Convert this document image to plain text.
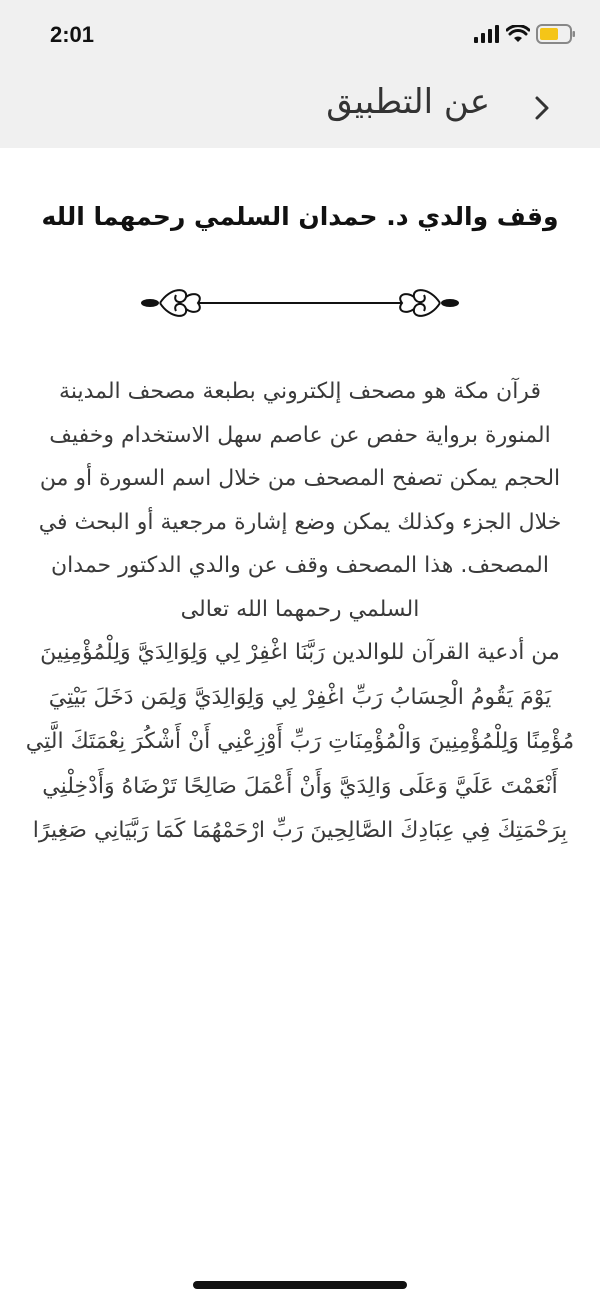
2:01
عن التطبيق
وقف والدي د. حمدان السلمي رحمهما الله

قرآن مكة هو مصحف إلكتروني بطبعة مصحف المدينة المنورة برواية حفص عن عاصم سهل الاستخدام وخفيف الحجم يمكن تصفح المصحف من خلال اسم السورة أو من خلال الجزء وكذلك يمكن وضع إشارة مرجعية أو البحث في المصحف. هذا المصحف وقف عن والدي الدكتور حمدان السلمي رحمهما الله تعالى

من أدعية القرآن للوالدين رَبَّنَا اغْفِرْ لِي وَلِوَالِدَيَّ وَلِلْمُؤْمِنِينَ يَوْمَ يَقُومُ الْحِسَابُ رَبِّ اغْفِرْ لِي وَلِوَالِدَيَّ وَلِمَن دَخَلَ بَيْتِيَ مُؤْمِنًا وَلِلْمُؤْمِنِينَ وَالْمُؤْمِنَاتِ رَبِّ أَوْزِعْنِي أَنْ أَشْكُرَ نِعْمَتَكَ الَّتِي أَنْعَمْتَ عَلَيَّ وَعَلَى وَالِدَيَّ وَأَنْ أَعْمَلَ صَالِحًا تَرْضَاهُ وَأَدْخِلْنِي بِرَحْمَتِكَ فِي عِبَادِكَ الصَّالِحِينَ رَبِّ ارْحَمْهُمَا كَمَا رَبَّيَانِي صَغِيرًا
